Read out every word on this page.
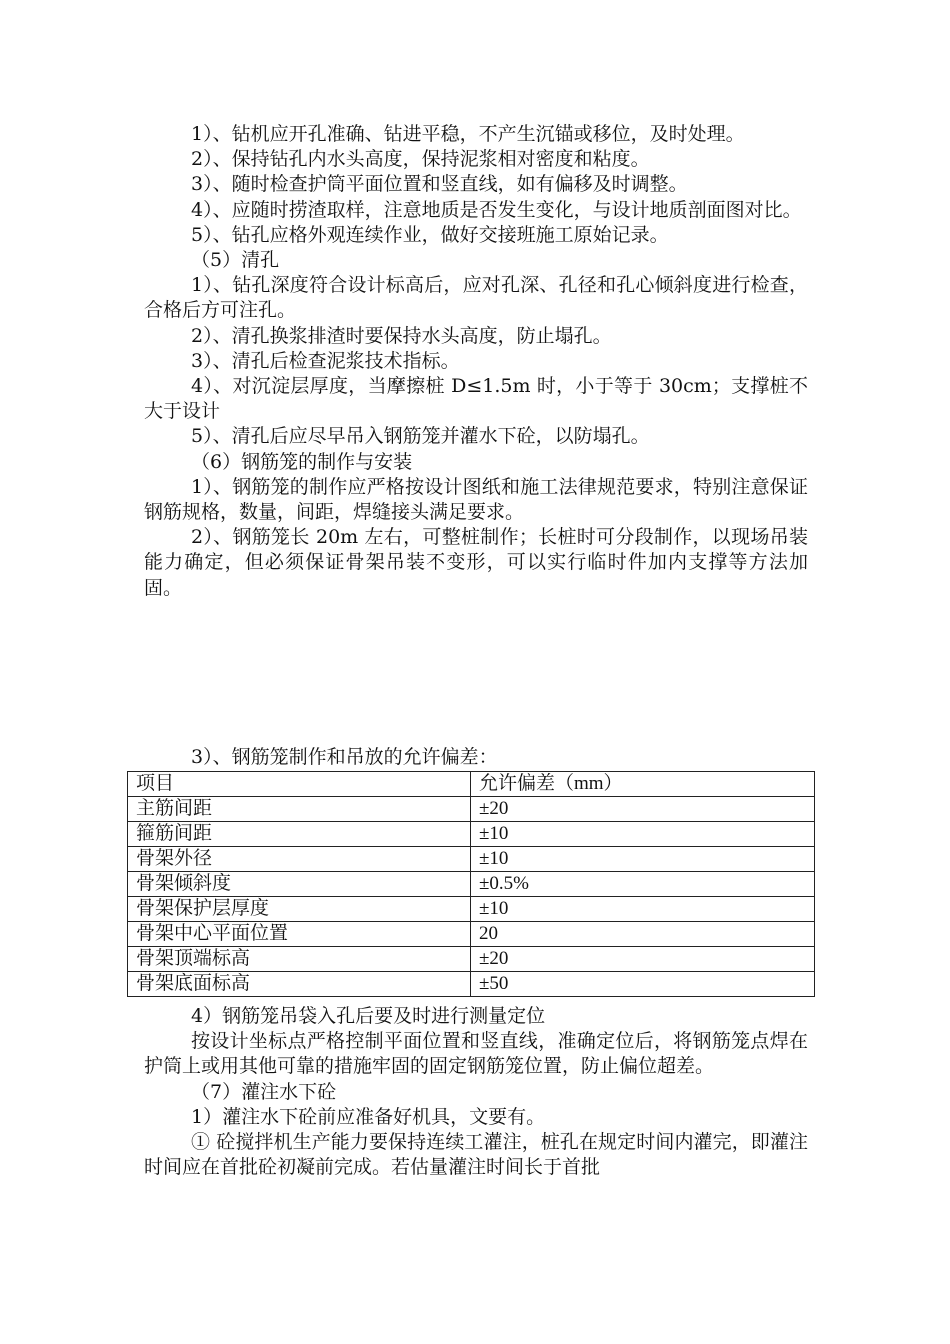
1）、钻机应开孔准确、钻进平稳，不产生沉锚或移位，及时处理。

2）、保持钻孔内水头高度，保持泥浆相对密度和粘度。

3）、随时检查护筒平面位置和竖直线，如有偏移及时调整。

4）、应随时捞渣取样，注意地质是否发生变化，与设计地质剖面图对比。

5）、钻孔应格外观连续作业，做好交接班施工原始记录。

（5）清孔

1）、钻孔深度符合设计标高后，应对孔深、孔径和孔心倾斜度进行检查，合格后方可注孔。

2）、清孔换浆排渣时要保持水头高度，防止塌孔。

3）、清孔后检查泥浆技术指标。

4）、对沉淀层厚度，当摩擦桩 D≤1.5m 时，小于等于 30cm；支撑桩不大于设计

5）、清孔后应尽早吊入钢筋笼并灌水下砼，以防塌孔。

（6）钢筋笼的制作与安装

1）、钢筋笼的制作应严格按设计图纸和施工法律规范要求，特别注意保证钢筋规格，数量，间距，焊缝接头满足要求。

2）、钢筋笼长 20m 左右，可整桩制作；长桩时可分段制作，以现场吊装能力确定，但必须保证骨架吊装不变形，可以实行临时件加内支撑等方法加固。

3）、钢筋笼制作和吊放的允许偏差：

项目	允许偏差（mm）
主筋间距	±20
箍筋间距	±10
骨架外径	±10
骨架倾斜度	±0.5%
骨架保护层厚度	±10
骨架中心平面位置	20
骨架顶端标高	±20
骨架底面标高	±50

4）钢筋笼吊袋入孔后要及时进行测量定位

按设计坐标点严格控制平面位置和竖直线，准确定位后，将钢筋笼点焊在护筒上或用其他可靠的措施牢固的固定钢筋笼位置，防止偏位超差。

（7）灌注水下砼

1）灌注水下砼前应准备好机具，文要有。

① 砼搅拌机生产能力要保持连续工灌注，桩孔在规定时间内灌完，即灌注时间应在首批砼初凝前完成。若估量灌注时间长于首批
